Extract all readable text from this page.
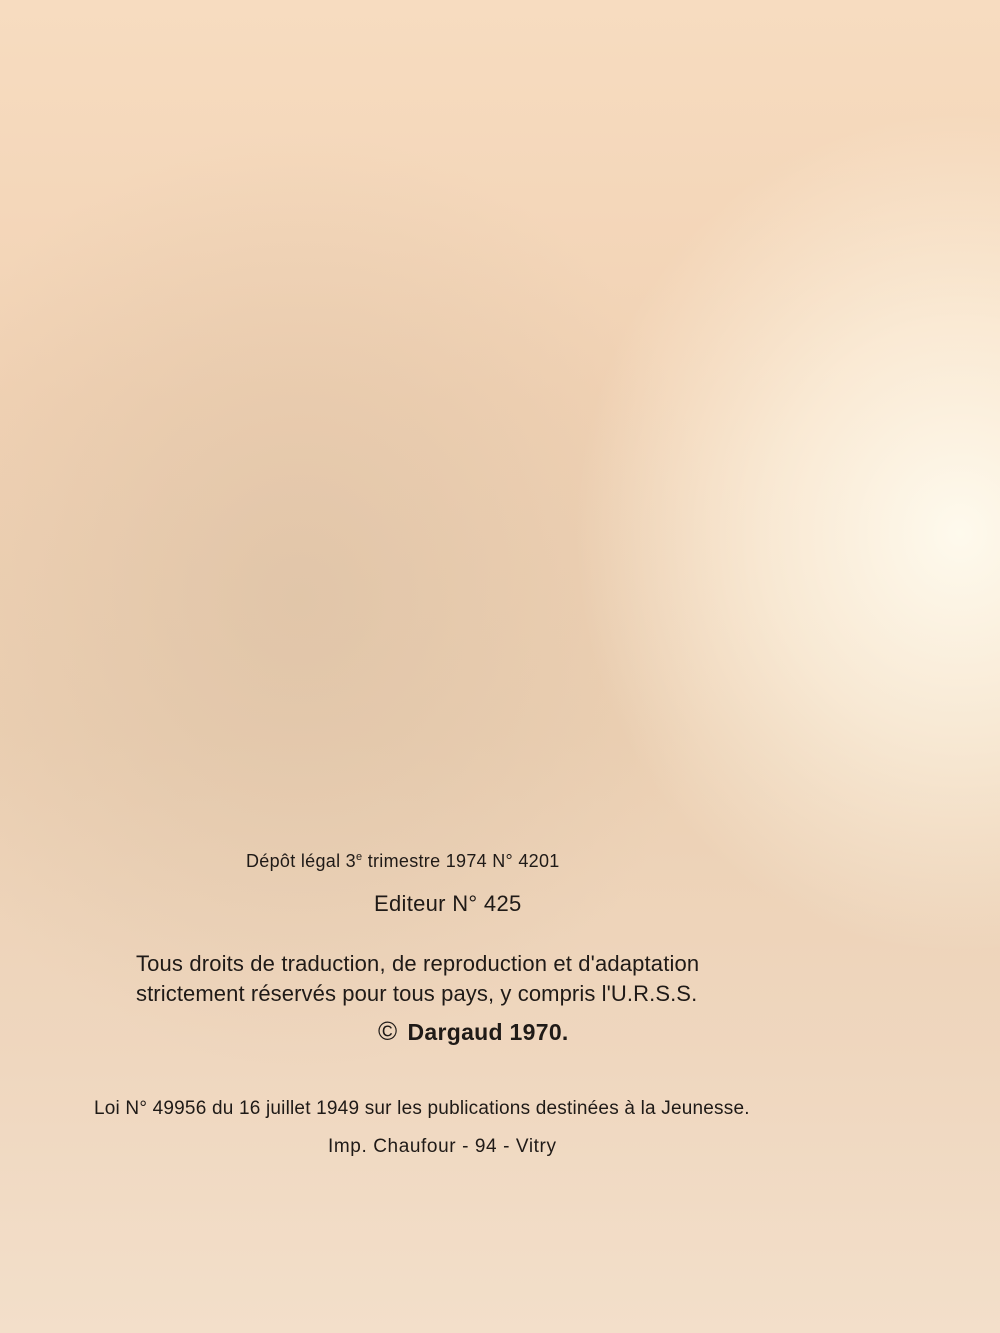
Dépôt légal 3e trimestre 1974 N° 4201
Editeur N° 425
Tous droits de traduction, de reproduction et d'adaptation
strictement réservés pour tous pays, y compris l'U.R.S.S.
© Dargaud 1970.
Loi N° 49956 du 16 juillet 1949 sur les publications destinées à la Jeunesse.
Imp. Chaufour - 94 - Vitry
